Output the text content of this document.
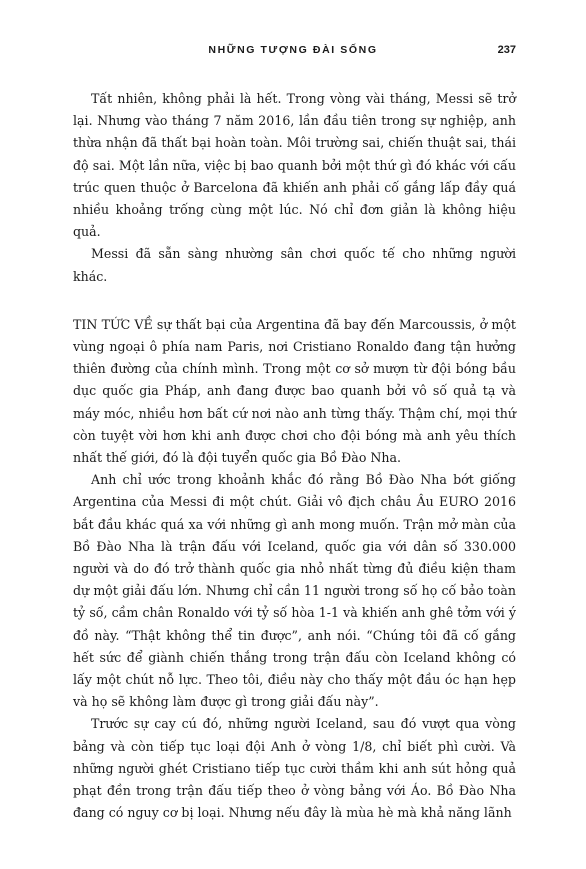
NHỮNG TƯỢNG ĐÀI SỐNG	237

Tất nhiên, không phải là hết. Trong vòng vài tháng, Messi sẽ trở lại. Nhưng vào tháng 7 năm 2016, lần đầu tiên trong sự nghiệp, anh thừa nhận đã thất bại hoàn toàn. Môi trường sai, chiến thuật sai, thái độ sai. Một lần nữa, việc bị bao quanh bởi một thứ gì đó khác với cấu trúc quen thuộc ở Barcelona đã khiến anh phải cố gắng lấp đầy quá nhiều khoảng trống cùng một lúc. Nó chỉ đơn giản là không hiệu quả.

Messi đã sẵn sàng nhường sân chơi quốc tế cho những người khác.

TIN TỨC VỀ sự thất bại của Argentina đã bay đến Marcoussis, ở một vùng ngoại ô phía nam Paris, nơi Cristiano Ronaldo đang tận hưởng thiên đường của chính mình. Trong một cơ sở mượn từ đội bóng bầu dục quốc gia Pháp, anh đang được bao quanh bởi vô số quả tạ và máy móc, nhiều hơn bất cứ nơi nào anh từng thấy. Thậm chí, mọi thứ còn tuyệt vời hơn khi anh được chơi cho đội bóng mà anh yêu thích nhất thế giới, đó là đội tuyển quốc gia Bồ Đào Nha.

Anh chỉ ước trong khoảnh khắc đó rằng Bồ Đào Nha bớt giống Argentina của Messi đi một chút. Giải vô địch châu Âu EURO 2016 bắt đầu khác quá xa với những gì anh mong muốn. Trận mở màn của Bồ Đào Nha là trận đấu với Iceland, quốc gia với dân số 330.000 người và do đó trở thành quốc gia nhỏ nhất từng đủ điều kiện tham dự một giải đấu lớn. Nhưng chỉ cần 11 người trong số họ cố bảo toàn tỷ số, cầm chân Ronaldo với tỷ số hòa 1-1 và khiến anh ghê tởm với ý đồ này. “Thật không thể tin được”, anh nói. “Chúng tôi đã cố gắng hết sức để giành chiến thắng trong trận đấu còn Iceland không có lấy một chút nỗ lực. Theo tôi, điều này cho thấy một đầu óc hạn hẹp và họ sẽ không làm được gì trong giải đấu này”.

Trước sự cay cú đó, những người Iceland, sau đó vượt qua vòng bảng và còn tiếp tục loại đội Anh ở vòng 1/8, chỉ biết phì cười. Và những người ghét Cristiano tiếp tục cười thầm khi anh sút hỏng quả phạt đền trong trận đấu tiếp theo ở vòng bảng với Áo. Bồ Đào Nha đang có nguy cơ bị loại. Nhưng nếu đây là mùa hè mà khả năng lãnh
